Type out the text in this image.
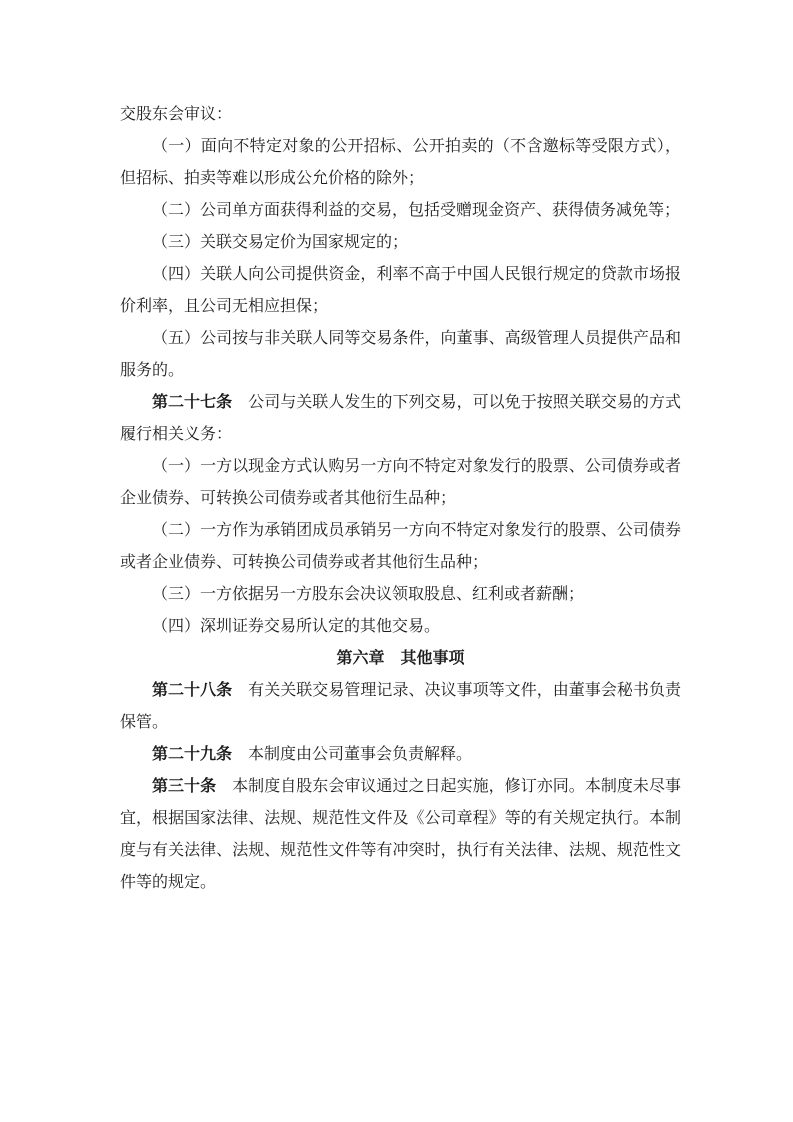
交股东会审议：

（一）面向不特定对象的公开招标、公开拍卖的（不含邀标等受限方式），但招标、拍卖等难以形成公允价格的除外；

（二）公司单方面获得利益的交易，包括受赠现金资产、获得债务减免等；

（三）关联交易定价为国家规定的；

（四）关联人向公司提供资金，利率不高于中国人民银行规定的贷款市场报价利率，且公司无相应担保；

（五）公司按与非关联人同等交易条件，向董事、高级管理人员提供产品和服务的。

第二十七条　公司与关联人发生的下列交易，可以免于按照关联交易的方式履行相关义务：

（一）一方以现金方式认购另一方向不特定对象发行的股票、公司债券或者企业债券、可转换公司债券或者其他衍生品种；

（二）一方作为承销团成员承销另一方向不特定对象发行的股票、公司债券或者企业债券、可转换公司债券或者其他衍生品种；

（三）一方依据另一方股东会决议领取股息、红利或者薪酬；

（四）深圳证券交易所认定的其他交易。

第六章　其他事项

第二十八条　有关关联交易管理记录、决议事项等文件，由董事会秘书负责保管。

第二十九条　本制度由公司董事会负责解释。

第三十条　本制度自股东会审议通过之日起实施，修订亦同。本制度未尽事宜，根据国家法律、法规、规范性文件及《公司章程》等的有关规定执行。本制度与有关法律、法规、规范性文件等有冲突时，执行有关法律、法规、规范性文件等的规定。
